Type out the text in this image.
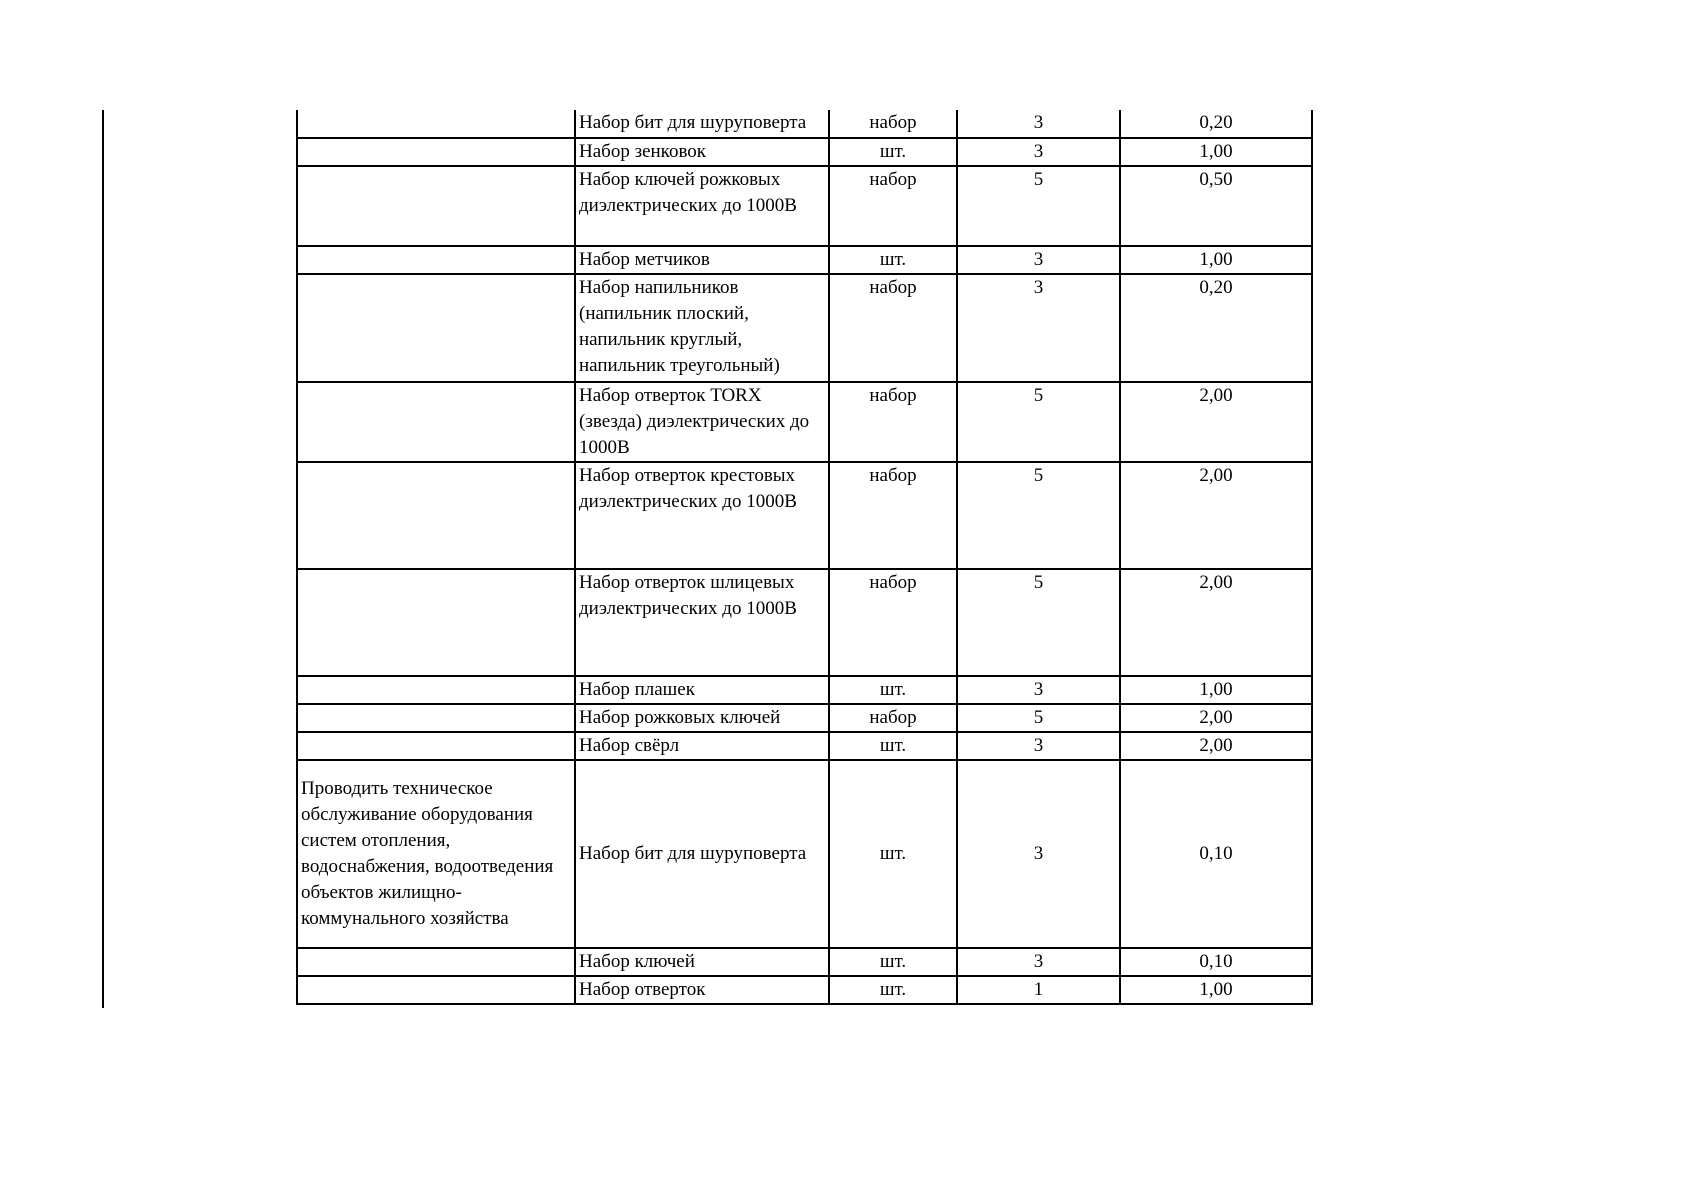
	Набор бит для шуруповерта	набор	3	0,20
	Набор зенковок	шт.	3	1,00
	Набор ключей рожковых диэлектрических до 1000В	набор	5	0,50
	Набор метчиков	шт.	3	1,00
	Набор напильников (напильник плоский, напильник круглый, напильник треугольный)	набор	3	0,20
	Набор отверток TORX (звезда) диэлектрических до 1000В	набор	5	2,00
	Набор отверток крестовых диэлектрических до 1000В	набор	5	2,00
	Набор отверток шлицевых диэлектрических до 1000В	набор	5	2,00
	Набор плашек	шт.	3	1,00
	Набор рожковых ключей	набор	5	2,00
	Набор свёрл	шт.	3	2,00
Проводить техническое обслуживание оборудования систем отопления, водоснабжения, водоотведения объектов жилищно-коммунального хозяйства	Набор бит для шуруповерта	шт.	3	0,10
	Набор ключей	шт.	3	0,10
	Набор отверток	шт.	1	1,00
